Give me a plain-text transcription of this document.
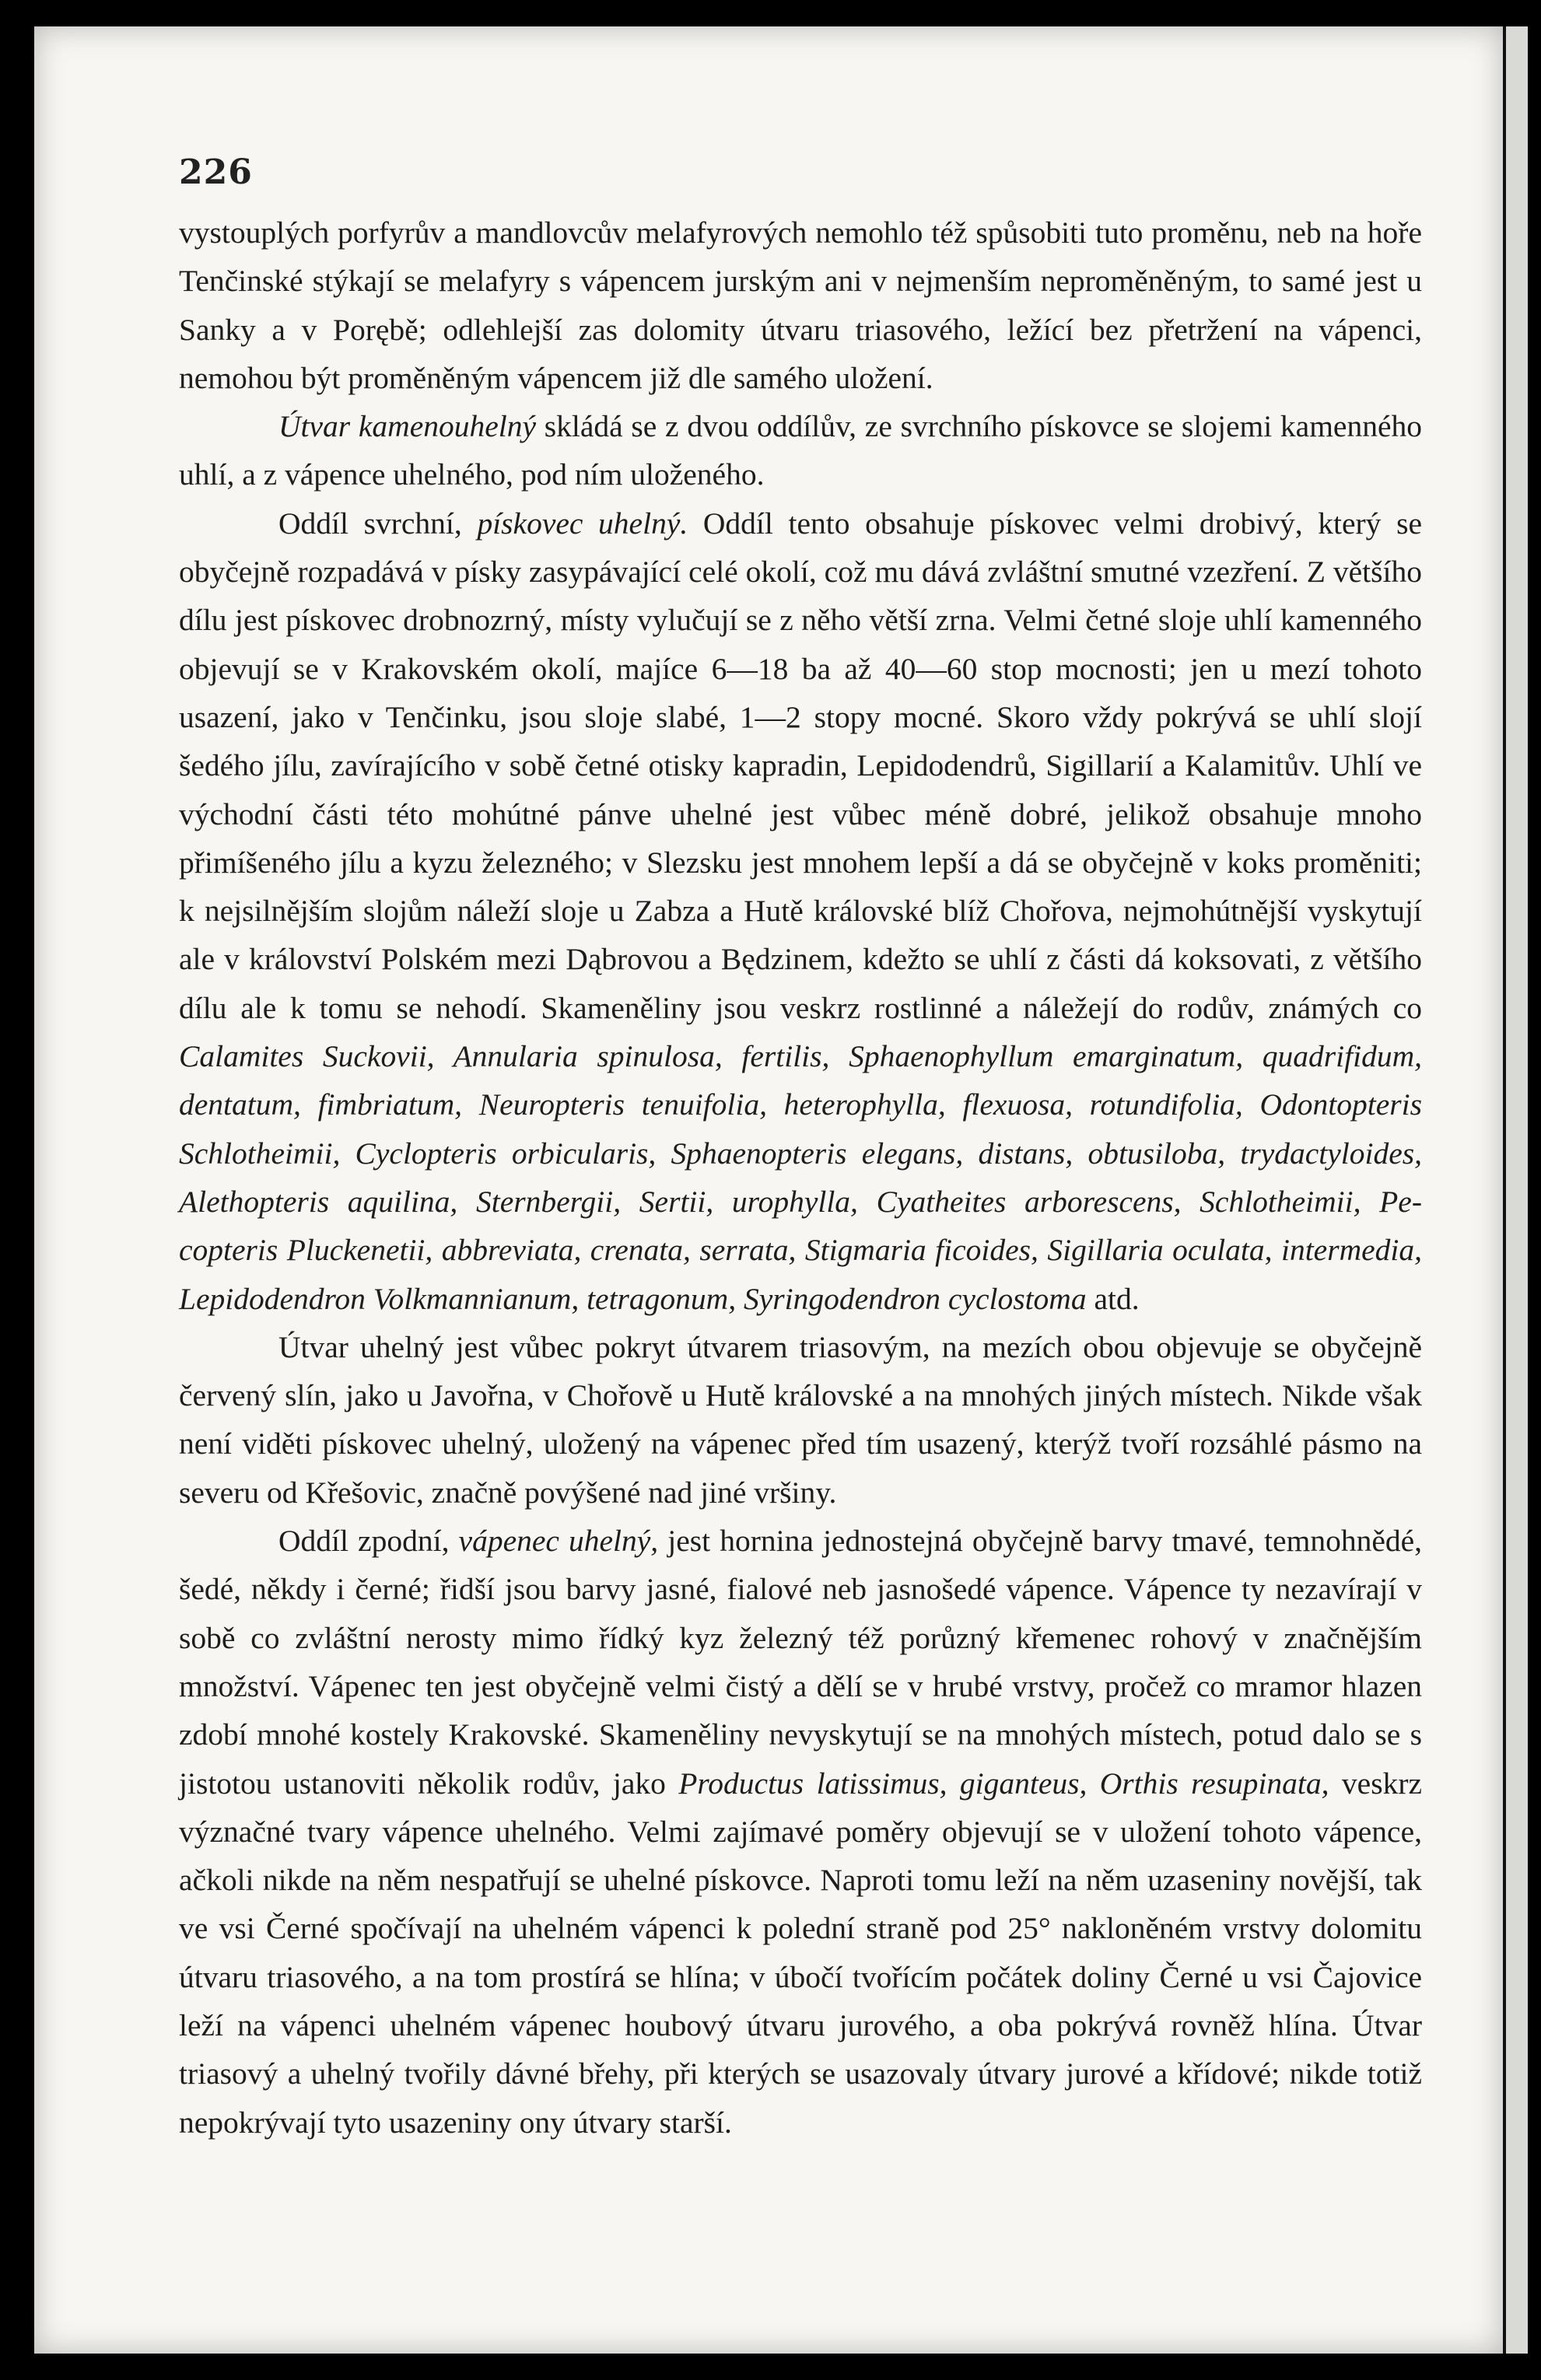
226

vystouplých porfyrův a mandlovcův melafyrových nemohlo též spůsobiti tuto proměnu, neb na hoře Tenčinské stýkají se melafyry s vápencem jurským ani v nejmenším neproměněným, to samé jest u Sanky a v Porębě; odlehlejší zas dolomity útvaru triasového, ležící bez přetržení na vápenci, nemohou být proměněným vápencem již dle samého uložení.

Útvar kamenouhelný skládá se z dvou oddílův, ze svrchního pískovce se slojemi kamenného uhlí, a z vápence uhelného, pod ním uloženého.

Oddíl svrchní, pískovec uhelný. Oddíl tento obsahuje pískovec velmi drobivý, který se obyčejně rozpadává v písky zasypávající celé okolí, což mu dává zvláštní smutné vzezření. Z většího dílu jest pískovec drobnozrný, místy vylučují se z něho větší zrna. Velmi četné sloje uhlí kamenného objevují se v Krakovském okolí, majíce 6—18 ba až 40—60 stop mocnosti; jen u mezí tohoto usazení, jako v Tenčinku, jsou sloje slabé, 1—2 stopy mocné. Skoro vždy pokrývá se uhlí slojí šedého jílu, zavírajícího v sobě četné otisky kapradin, Lepidodendrů, Sigillarií a Kalamitův. Uhlí ve východní části této mohútné pánve uhelné jest vůbec méně dobré, jelikož obsahuje mnoho přimíšeného jílu a kyzu železného; v Slezsku jest mnohem lepší a dá se obyčejně v koks proměniti; k nejsilnějším slojům náleží sloje u Zabza a Hutě královské blíž Chořova, nejmohútnější vyskytují ale v království Polském mezi Dąbrovou a Będzinem, kdežto se uhlí z části dá koksovati, z většího dílu ale k tomu se nehodí. Skameněliny jsou veskrz rostlinné a náležejí do rodův, známých co Calamites Suckovii, Annularia spinulosa, fertilis, Sphaenophyllum emarginatum, quadrifidum, dentatum, fimbriatum, Neuropteris tenuifolia, heterophylla, flexuosa, rotundifolia, Odontopteris Schlotheimii, Cyclopteris orbicularis, Sphaenopteris elegans, distans, obtusiloba, trydactyloides, Alethopteris aquilina, Sternbergii, Sertii, urophylla, Cyatheites arborescens, Schlotheimii, Pecopteris Pluckenetii, abbreviata, crenata, serrata, Stigmaria ficoides, Sigillaria oculata, intermedia, Lepidodendron Volkmannianum, tetragonum, Syringodendron cyclostoma atd.

Útvar uhelný jest vůbec pokryt útvarem triasovým, na mezích obou objevuje se obyčejně červený slín, jako u Javořna, v Chořově u Hutě královské a na mnohých jiných místech. Nikde však není viděti pískovec uhelný, uložený na vápenec před tím usazený, kterýž tvoří rozsáhlé pásmo na severu od Křešovic, značně povýšené nad jiné vršiny.

Oddíl zpodní, vápenec uhelný, jest hornina jednostejná obyčejně barvy tmavé, temnohnědé, šedé, někdy i černé; řidší jsou barvy jasné, fialové neb jasnošedé vápence. Vápence ty nezavírají v sobě co zvláštní nerosty mimo řídký kyz železný též porůzný křemenec rohový v značnějším množství. Vápenec ten jest obyčejně velmi čistý a dělí se v hrubé vrstvy, pročež co mramor hlazen zdobí mnohé kostely Krakovské. Skameněliny nevyskytují se na mnohých místech, potud dalo se s jistotou ustanoviti několik rodův, jako Productus latissimus, giganteus, Orthis resupinata, veskrz význačné tvary vápence uhelného. Velmi zajímavé poměry objevují se v uložení tohoto vápence, ačkoli nikde na něm nespatřují se uhelné pískovce. Naproti tomu leží na něm uzaseniny novější, tak ve vsi Černé spočívají na uhelném vápenci k polední straně pod 25° nakloněném vrstvy dolomitu útvaru triasového, a na tom prostírá se hlína; v úbočí tvořícím počátek doliny Černé u vsi Čajovice leží na vápenci uhelném vápenec houbový útvaru jurového, a oba pokrývá rovněž hlína. Útvar triasový a uhelný tvořily dávné břehy, při kterých se usazovaly útvary jurové a křídové; nikde totiž nepokrývají tyto usazeniny ony útvary starší.
